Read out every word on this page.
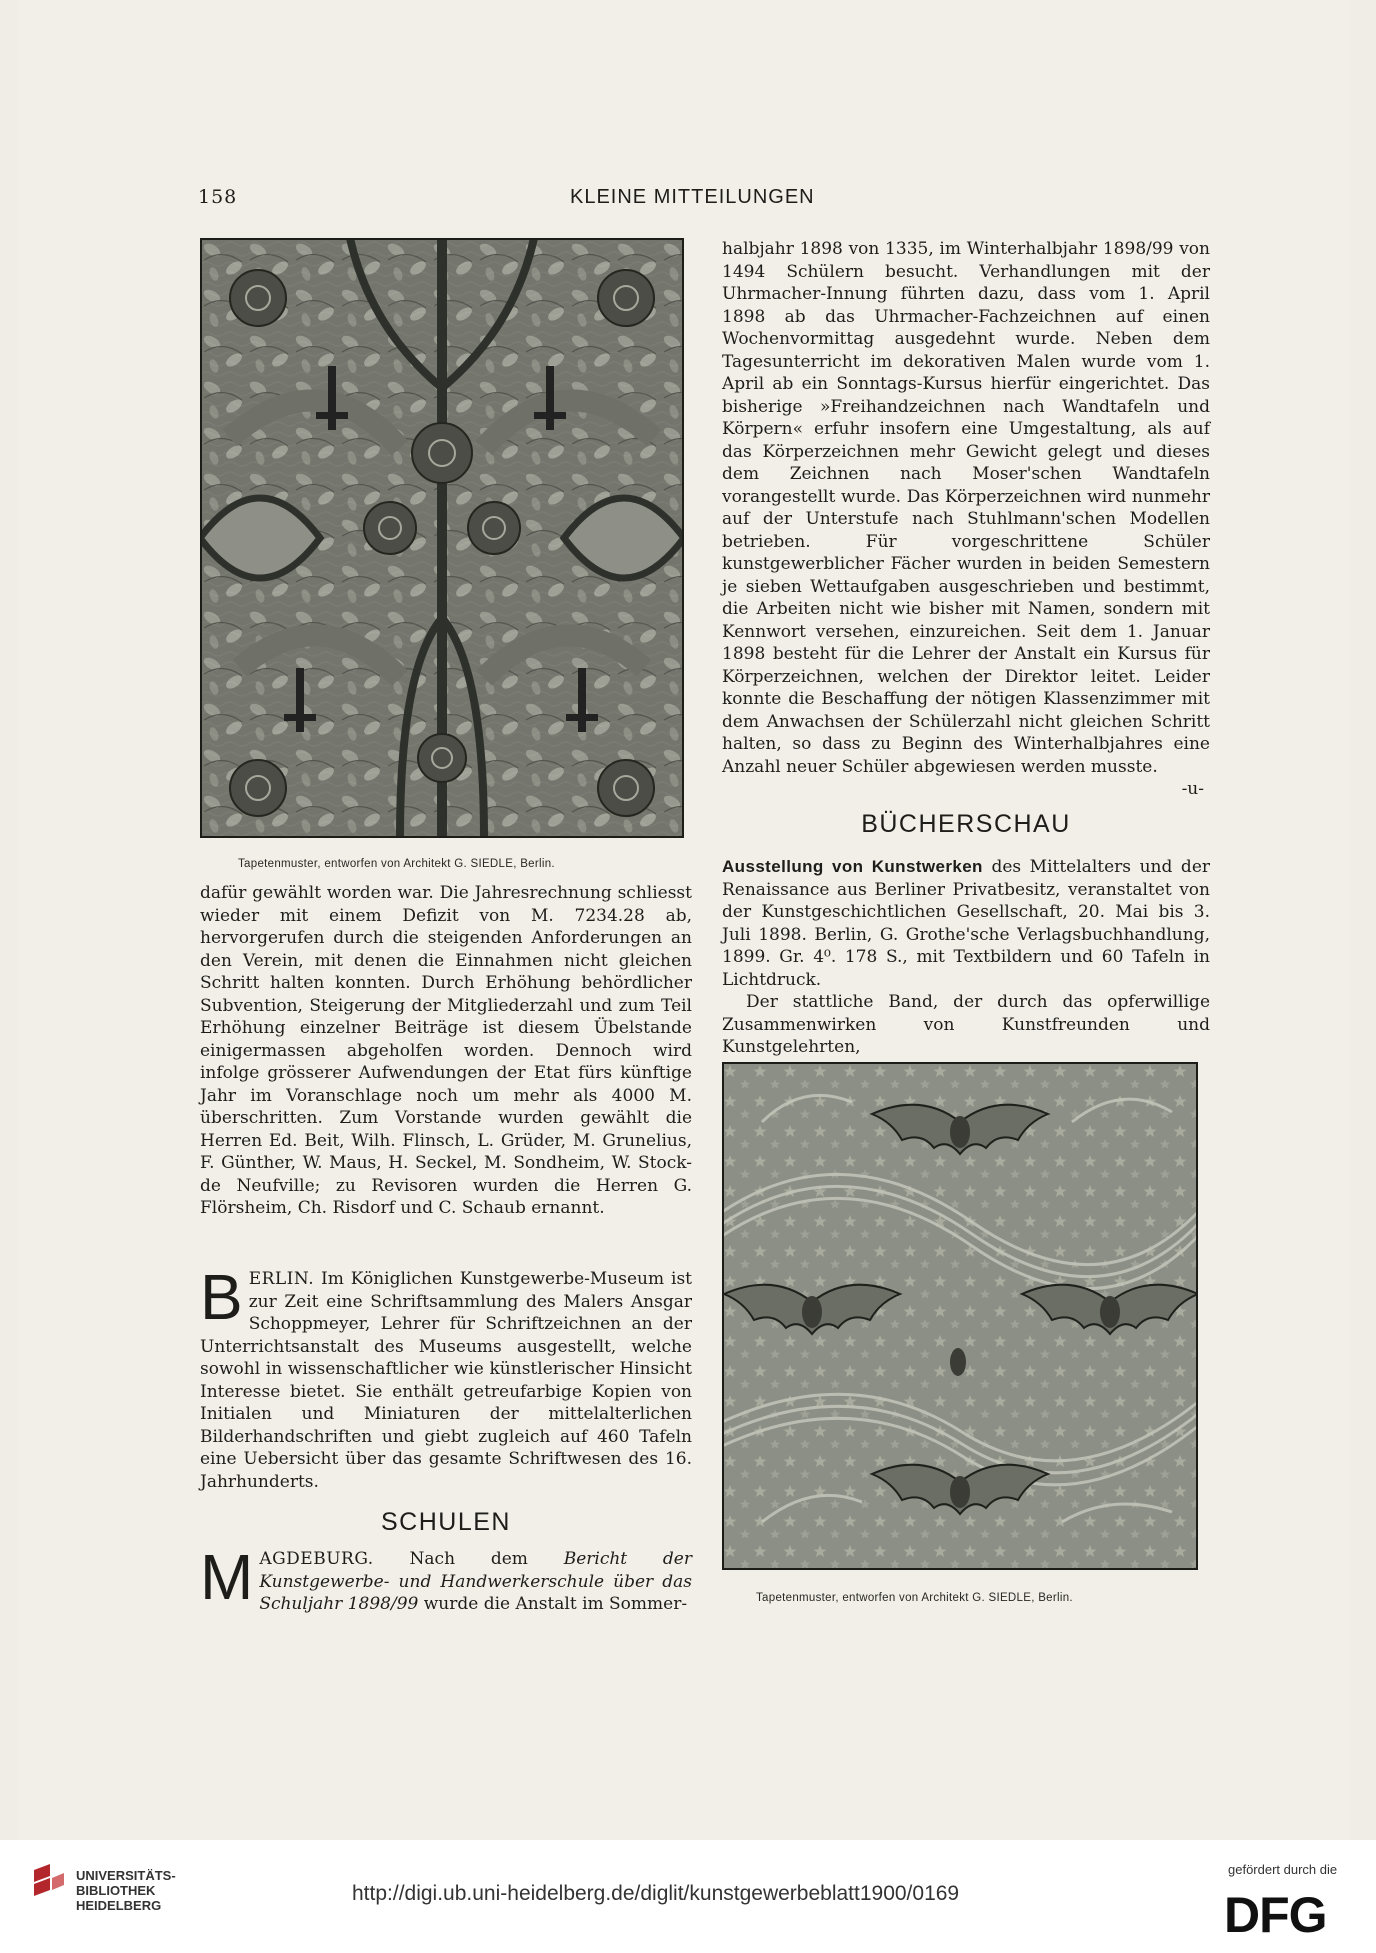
158	KLEINE MITTEILUNGEN
Tapetenmuster, entworfen von Architekt G. SIEDLE, Berlin.

dafür gewählt worden war. Die Jahresrechnung schliesst wieder mit einem Defizit von M. 7234.28 ab, hervorgerufen durch die steigenden Anforderungen an den Verein, mit denen die Einnahmen nicht gleichen Schritt halten konnten. Durch Erhöhung behördlicher Subvention, Steigerung der Mitgliederzahl und zum Teil Erhöhung einzelner Beiträge ist diesem Übelstande einigermassen abgeholfen worden. Dennoch wird infolge grösserer Aufwendungen der Etat fürs künftige Jahr im Voranschlage noch um mehr als 4000 M. überschritten. Zum Vorstande wurden gewählt die Herren Ed. Beit, Wilh. Flinsch, L. Grüder, M. Grunelius, F. Günther, W. Maus, H. Seckel, M. Sondheim, W. Stock-de Neufville; zu Revisoren wurden die Herren G. Flörsheim, Ch. Risdorf und C. Schaub ernannt.

B ERLIN. Im Königlichen Kunstgewerbe-Museum ist zur Zeit eine Schriftsammlung des Malers Ansgar Schoppmeyer, Lehrer für Schriftzeichnen an der Unterrichtsanstalt des Museums ausgestellt, welche sowohl in wissenschaftlicher wie künstlerischer Hinsicht Interesse bietet. Sie enthält getreufarbige Kopien von Initialen und Miniaturen der mittelalterlichen Bilderhandschriften und giebt zugleich auf 460 Tafeln eine Uebersicht über das gesamte Schriftwesen des 16. Jahrhunderts.
SCHULEN
M AGDEBURG. Nach dem Bericht der Kunstgewerbe- und Handwerkerschule über das Schuljahr 1898/99 wurde die Anstalt im Sommer-

halbjahr 1898 von 1335, im Winterhalbjahr 1898/99 von 1494 Schülern besucht. Verhandlungen mit der Uhrmacher-Innung führten dazu, dass vom 1. April 1898 ab das Uhrmacher-Fachzeichnen auf einen Wochenvormittag ausgedehnt wurde. Neben dem Tagesunterricht im dekorativen Malen wurde vom 1. April ab ein Sonntags-Kursus hierfür eingerichtet. Das bisherige »Freihandzeichnen nach Wandtafeln und Körpern« erfuhr insofern eine Umgestaltung, als auf das Körperzeichnen mehr Gewicht gelegt und dieses dem Zeichnen nach Moser'schen Wandtafeln vorangestellt wurde. Das Körperzeichnen wird nunmehr auf der Unterstufe nach Stuhlmann'schen Modellen betrieben. Für vorgeschrittene Schüler kunstgewerblicher Fächer wurden in beiden Semestern je sieben Wettaufgaben ausgeschrieben und bestimmt, die Arbeiten nicht wie bisher mit Namen, sondern mit Kennwort versehen, einzureichen. Seit dem 1. Januar 1898 besteht für die Lehrer der Anstalt ein Kursus für Körperzeichnen, welchen der Direktor leitet. Leider konnte die Beschaffung der nötigen Klassenzimmer mit dem Anwachsen der Schülerzahl nicht gleichen Schritt halten, so dass zu Beginn des Winterhalbjahres eine Anzahl neuer Schüler abgewiesen werden musste.

-u-

BÜCHERSCHAU

Ausstellung von Kunstwerken des Mittelalters und der Renaissance aus Berliner Privatbesitz, veranstaltet von der Kunstgeschichtlichen Gesellschaft, 20. Mai bis 3. Juli 1898. Berlin, G. Grothe'sche Verlagsbuchhandlung, 1899. Gr. 4⁰. 178 S., mit Textbildern und 60 Tafeln in Lichtdruck.

Der stattliche Band, der durch das opferwillige Zusammenwirken von Kunstfreunden und Kunstgelehrten,

Tapetenmuster, entworfen von Architekt G. SIEDLE, Berlin.
UNIVERSITÄTS-
BIBLIOTHEK
HEIDELBERG
http://digi.ub.uni-heidelberg.de/diglit/kunstgewerbeblatt1900/0169
gefördert durch die
DFG
